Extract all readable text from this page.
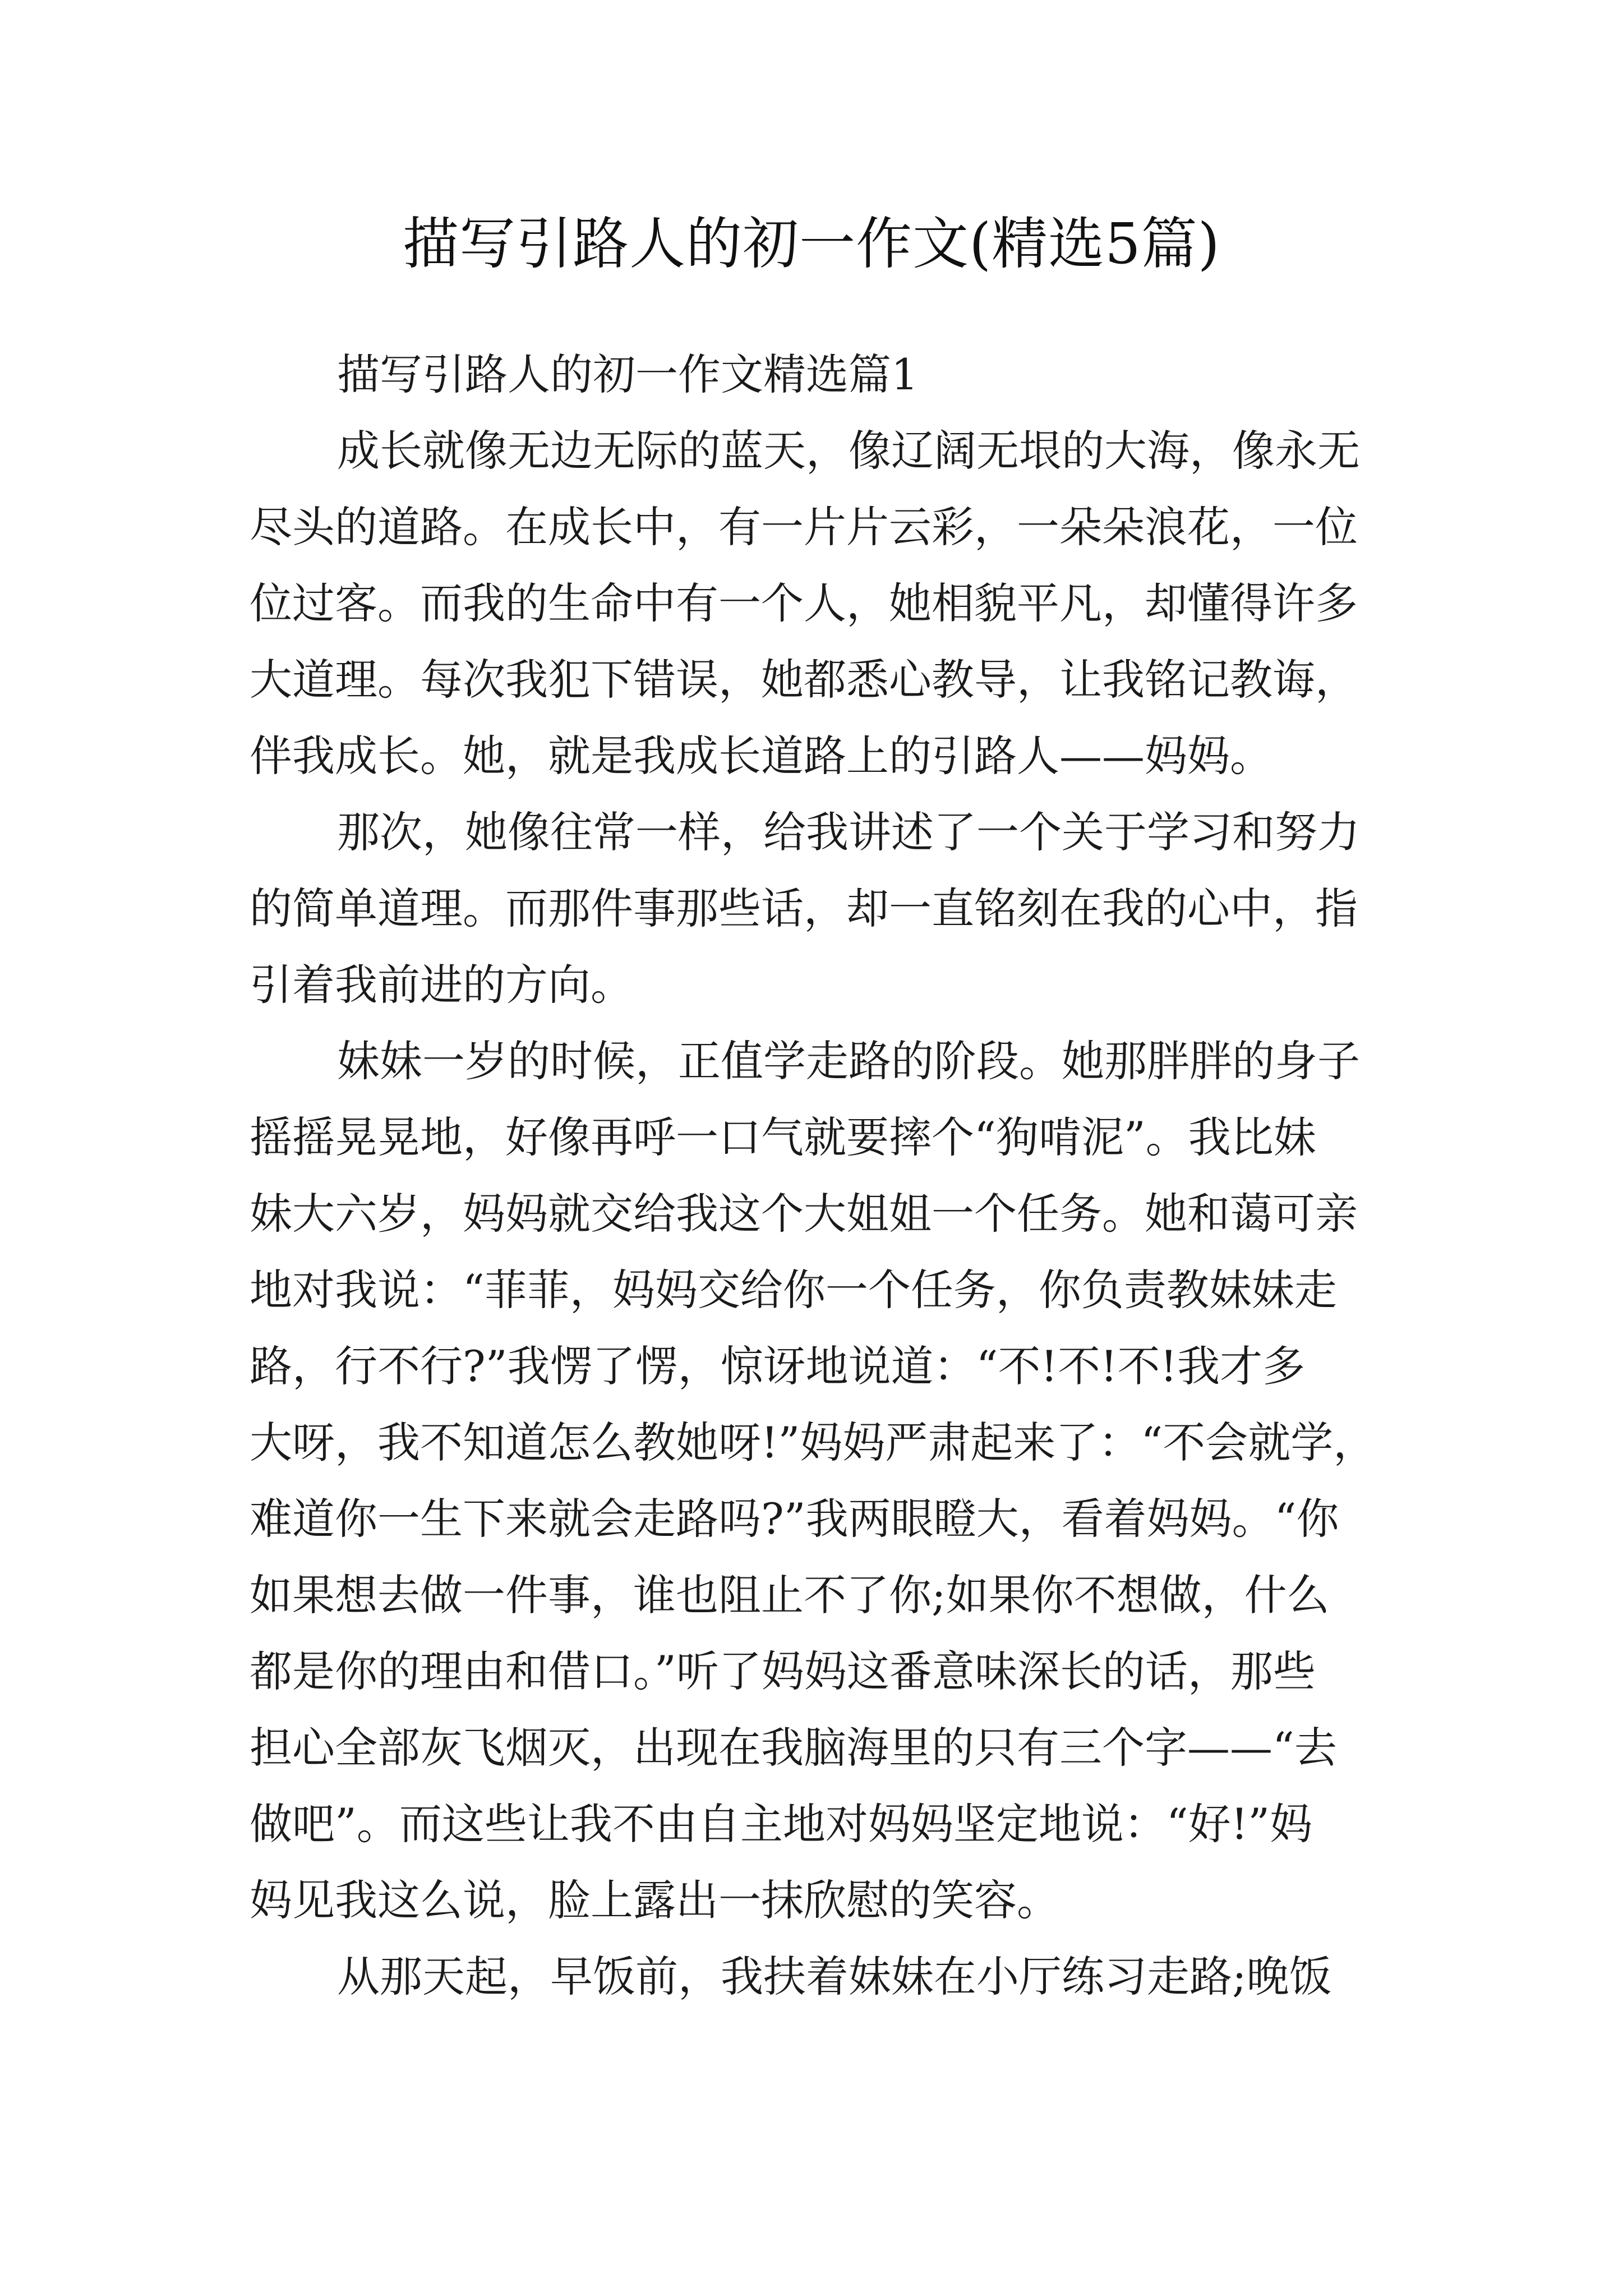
描写引路人的初一作文(精选5篇)
描写引路人的初一作文精选篇1
成长就像无边无际的蓝天，像辽阔无垠的大海，像永无
尽头的道路。在成长中，有一片片云彩，一朵朵浪花，一位
位过客。而我的生命中有一个人，她相貌平凡，却懂得许多
大道理。每次我犯下错误，她都悉心教导，让我铭记教诲，
伴我成长。她，就是我成长道路上的引路人——妈妈。
那次，她像往常一样，给我讲述了一个关于学习和努力
的简单道理。而那件事那些话，却一直铭刻在我的心中，指
引着我前进的方向。
妹妹一岁的时候，正值学走路的阶段。她那胖胖的身子
摇摇晃晃地，好像再呼一口气就要摔个“狗啃泥”。我比妹
妹大六岁，妈妈就交给我这个大姐姐一个任务。她和蔼可亲
地对我说：“菲菲，妈妈交给你一个任务，你负责教妹妹走
路，行不行?”我愣了愣，惊讶地说道：“不!不!不!我才多
大呀，我不知道怎么教她呀!”妈妈严肃起来了：“不会就学，
难道你一生下来就会走路吗?”我两眼瞪大，看着妈妈。“你
如果想去做一件事，谁也阻止不了你;如果你不想做，什么
都是你的理由和借口。”听了妈妈这番意味深长的话，那些
担心全部灰飞烟灭，出现在我脑海里的只有三个字——“去
做吧”。而这些让我不由自主地对妈妈坚定地说：“好!”妈
妈见我这么说，脸上露出一抹欣慰的笑容。
从那天起，早饭前，我扶着妹妹在小厅练习走路;晚饭
